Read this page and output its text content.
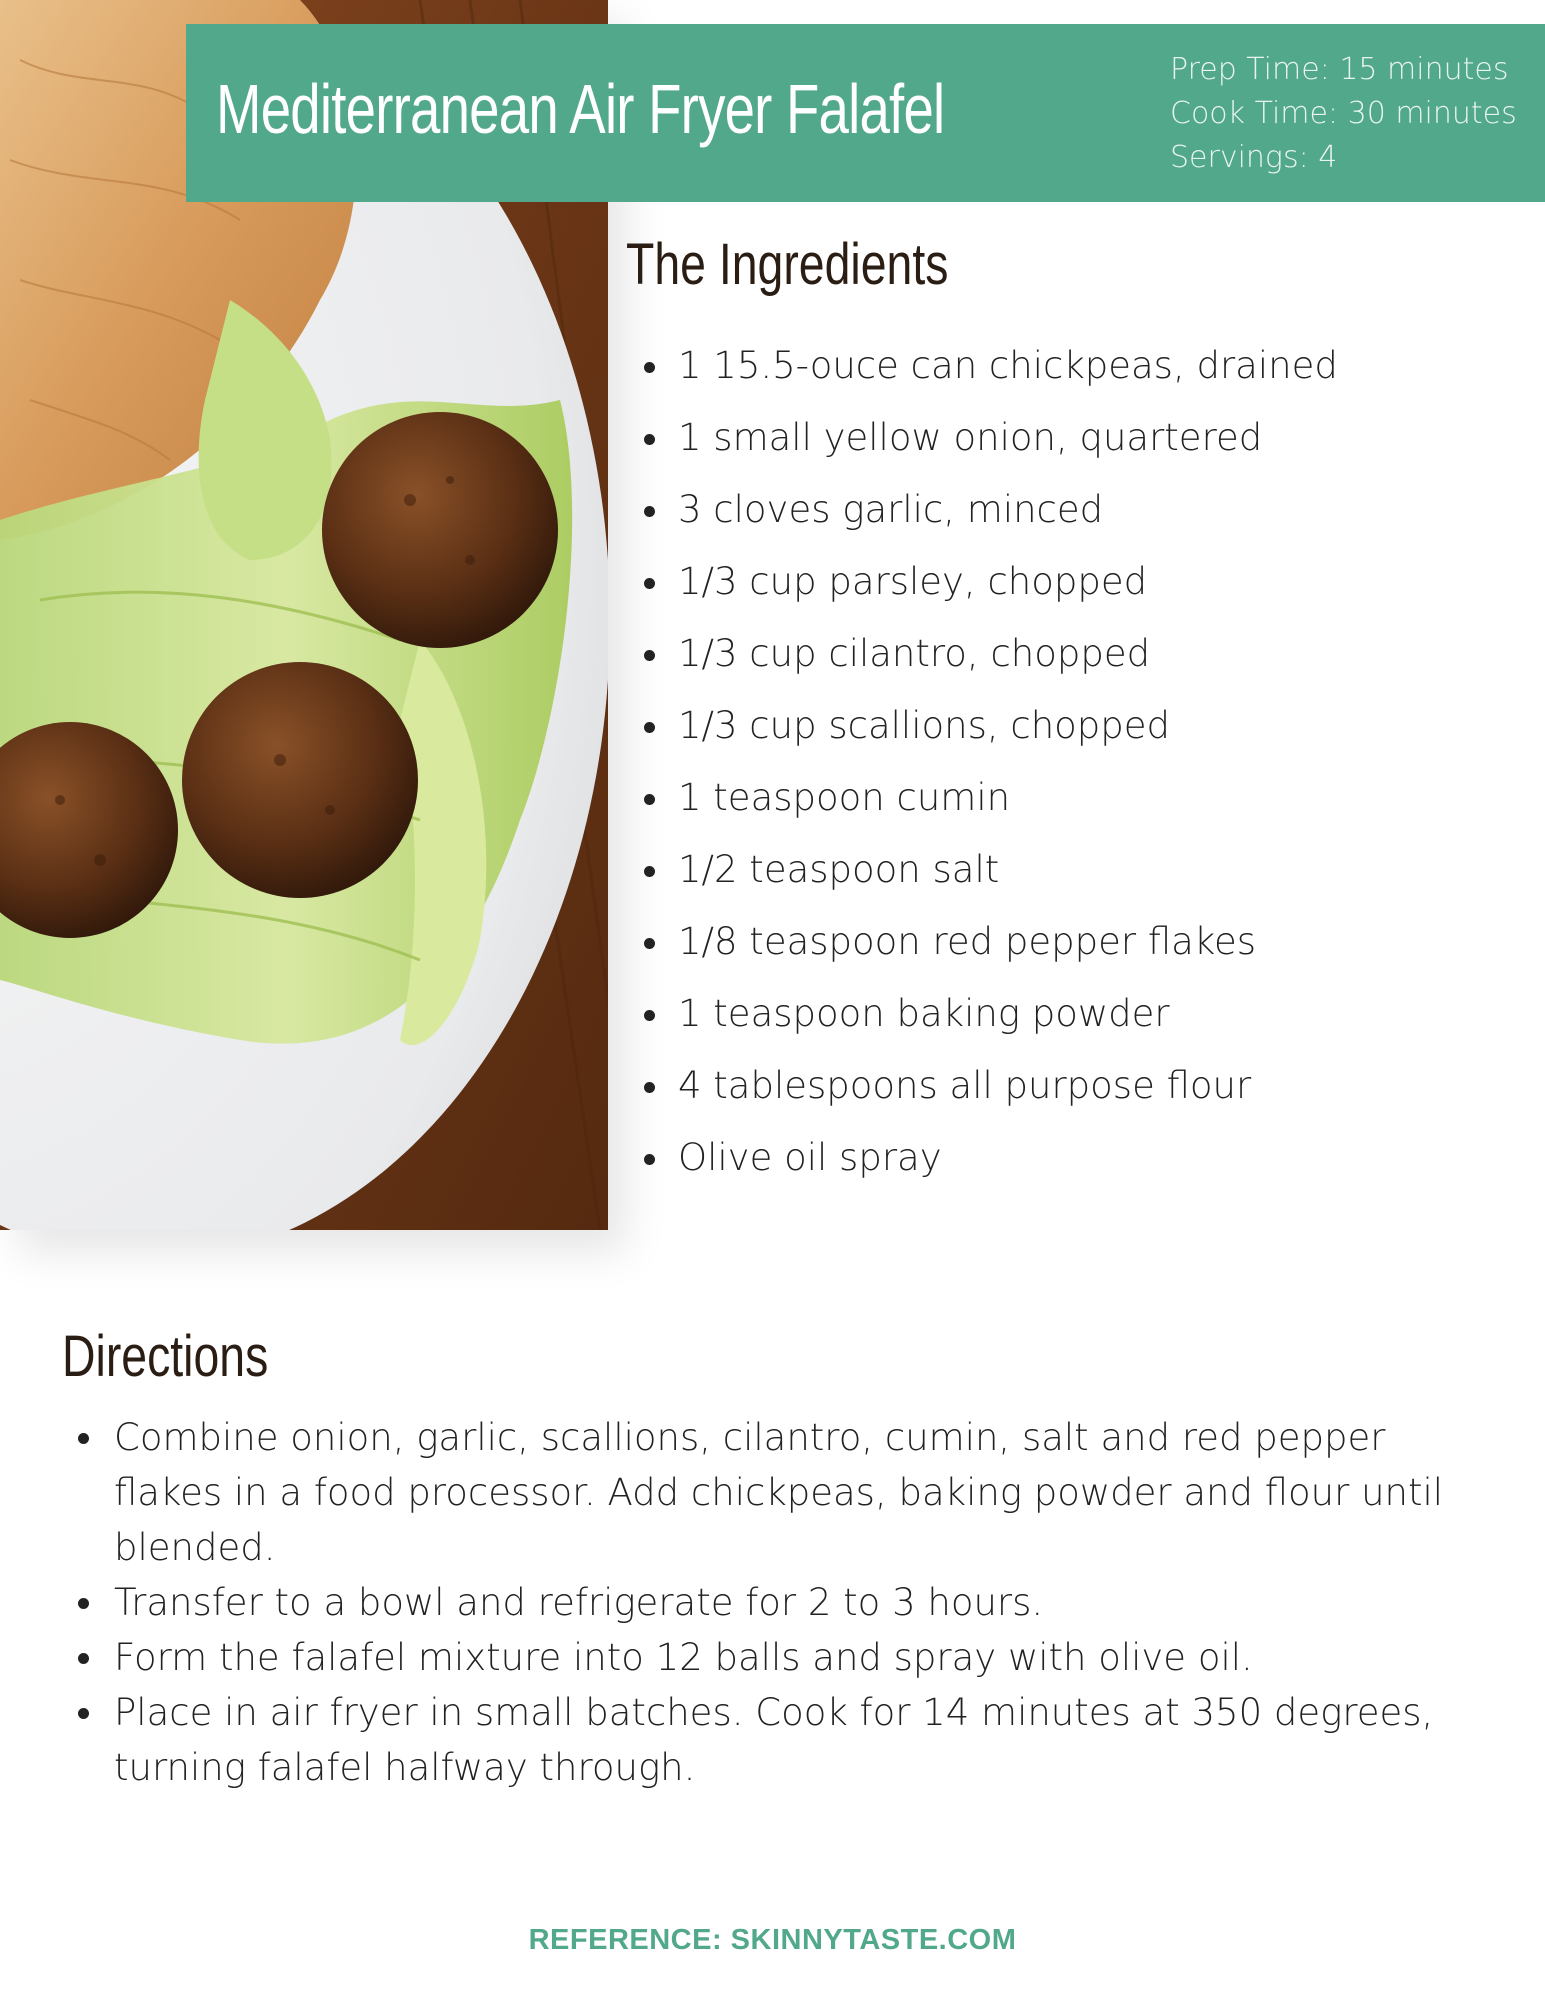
Mediterranean Air Fryer Falafel
Prep Time: 15 minutes
Cook Time: 30 minutes
Servings: 4
The Ingredients
1 15.5-ouce can chickpeas, drained
1 small yellow onion, quartered
3 cloves garlic, minced
1/3 cup parsley, chopped
1/3 cup cilantro, chopped
1/3 cup scallions, chopped
1 teaspoon cumin
1/2 teaspoon salt
1/8 teaspoon red pepper flakes
1 teaspoon baking powder
4 tablespoons all purpose flour
Olive oil spray
Directions
Combine onion, garlic, scallions, cilantro, cumin, salt and red pepper flakes in a food processor. Add chickpeas, baking powder and flour until blended.
Transfer to a bowl and refrigerate for 2 to 3 hours.
Form the falafel mixture into 12 balls and spray with olive oil.
Place in air fryer in small batches. Cook for 14 minutes at 350 degrees, turning falafel halfway through.
REFERENCE: SKINNYTASTE.COM
